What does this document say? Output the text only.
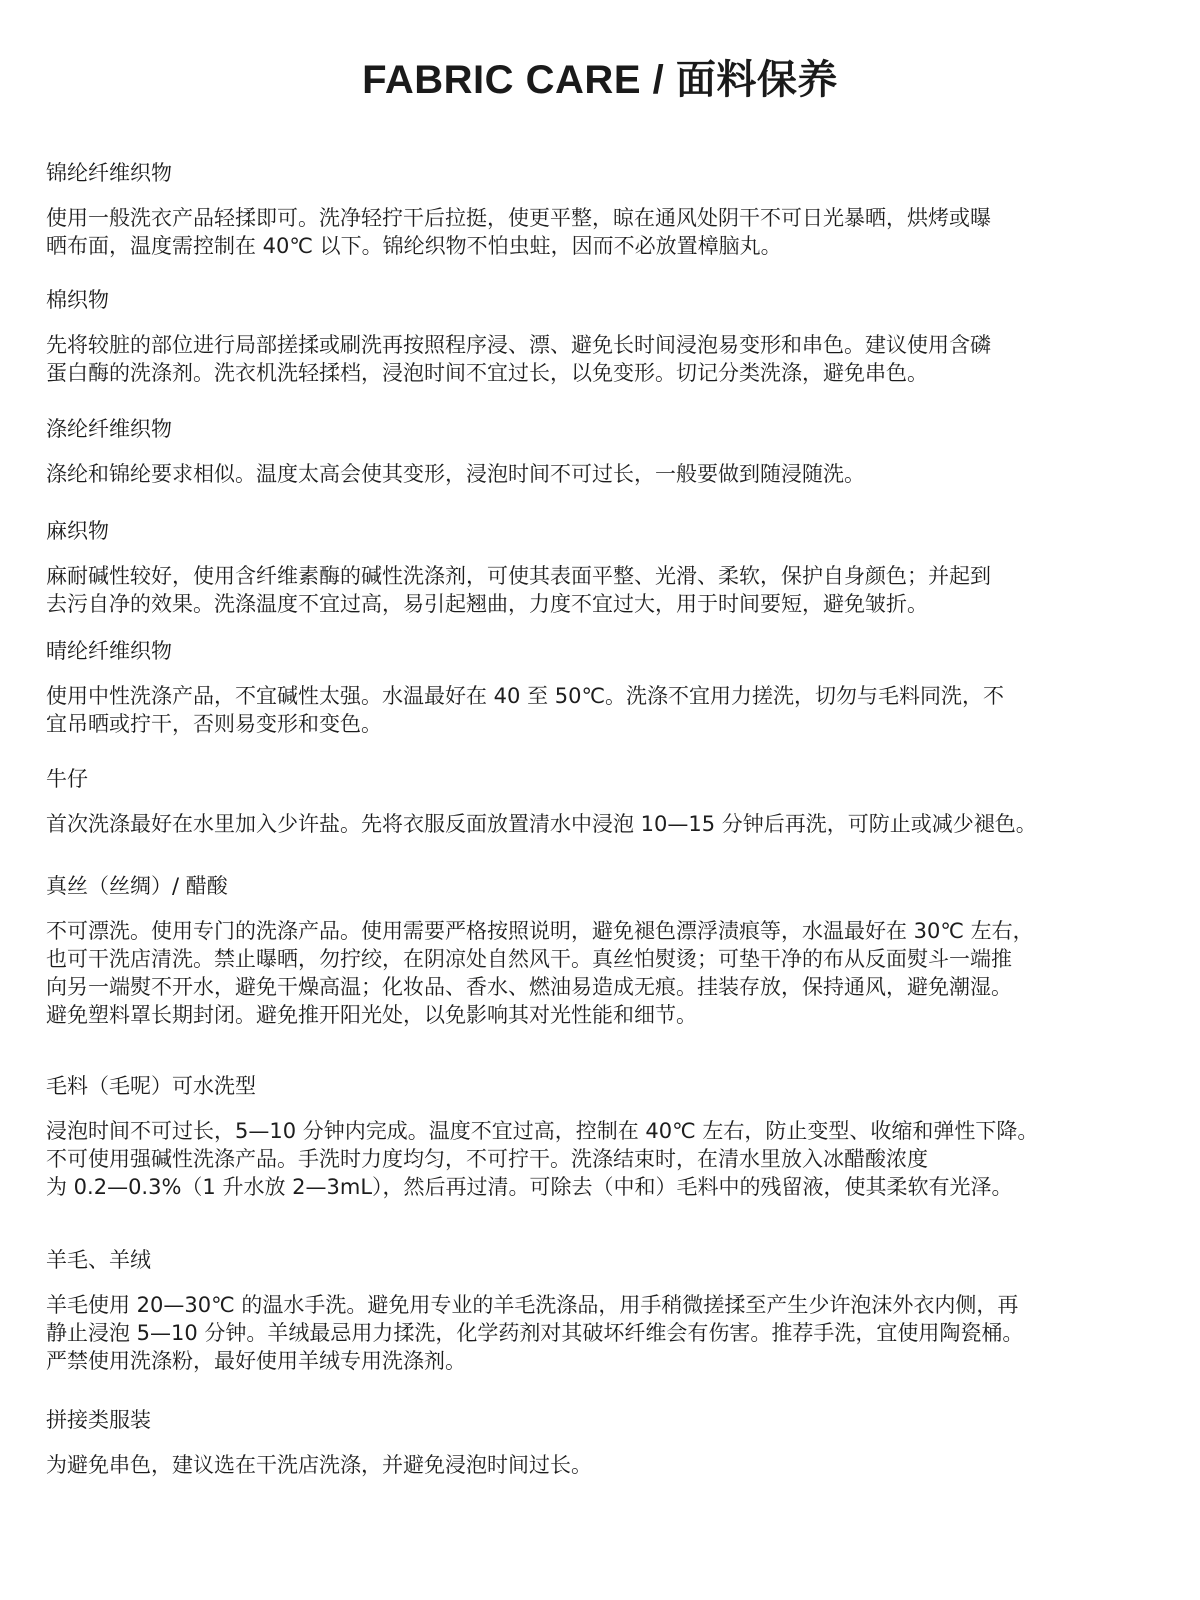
FABRIC CARE / 面料保养
锦纶纤维织物

使用一般洗衣产品轻揉即可。洗净轻拧干后拉挺，使更平整，晾在通风处阴干不可日光暴晒，烘烤或曝
晒布面，温度需控制在 40℃ 以下。锦纶织物不怕虫蛀，因而不必放置樟脑丸。

棉织物

先将较脏的部位进行局部搓揉或刷洗再按照程序浸、漂、避免长时间浸泡易变形和串色。建议使用含磷
蛋白酶的洗涤剂。洗衣机洗轻揉档，浸泡时间不宜过长，以免变形。切记分类洗涤，避免串色。

涤纶纤维织物

涤纶和锦纶要求相似。温度太高会使其变形，浸泡时间不可过长，一般要做到随浸随洗。

麻织物

麻耐碱性较好，使用含纤维素酶的碱性洗涤剂，可使其表面平整、光滑、柔软，保护自身颜色；并起到
去污自净的效果。洗涤温度不宜过高，易引起翘曲，力度不宜过大，用于时间要短，避免皱折。

晴纶纤维织物

使用中性洗涤产品，不宜碱性太强。水温最好在 40 至 50℃。洗涤不宜用力搓洗，切勿与毛料同洗，不
宜吊晒或拧干，否则易变形和变色。

牛仔

首次洗涤最好在水里加入少许盐。先将衣服反面放置清水中浸泡 10—15 分钟后再洗，可防止或减少褪色。

真丝（丝绸）/ 醋酸

不可漂洗。使用专门的洗涤产品。使用需要严格按照说明，避免褪色漂浮渍痕等，水温最好在 30℃ 左右，
也可干洗店清洗。禁止曝晒，勿拧绞，在阴凉处自然风干。真丝怕熨烫；可垫干净的布从反面熨斗一端推
向另一端熨不开水，避免干燥高温；化妆品、香水、燃油易造成无痕。挂装存放，保持通风，避免潮湿。
避免塑料罩长期封闭。避免推开阳光处，以免影响其对光性能和细节。

毛料（毛呢）可水洗型

浸泡时间不可过长，5—10 分钟内完成。温度不宜过高，控制在 40℃ 左右，防止变型、收缩和弹性下降。
不可使用强碱性洗涤产品。手洗时力度均匀，不可拧干。洗涤结束时，在清水里放入冰醋酸浓度
为 0.2—0.3%（1 升水放 2—3mL），然后再过清。可除去（中和）毛料中的残留液，使其柔软有光泽。

羊毛、羊绒

羊毛使用 20—30℃ 的温水手洗。避免用专业的羊毛洗涤品，用手稍微搓揉至产生少许泡沫外衣内侧，再
静止浸泡 5—10 分钟。羊绒最忌用力揉洗，化学药剂对其破坏纤维会有伤害。推荐手洗，宜使用陶瓷桶。
严禁使用洗涤粉，最好使用羊绒专用洗涤剂。

拼接类服装

为避免串色，建议选在干洗店洗涤，并避免浸泡时间过长。
